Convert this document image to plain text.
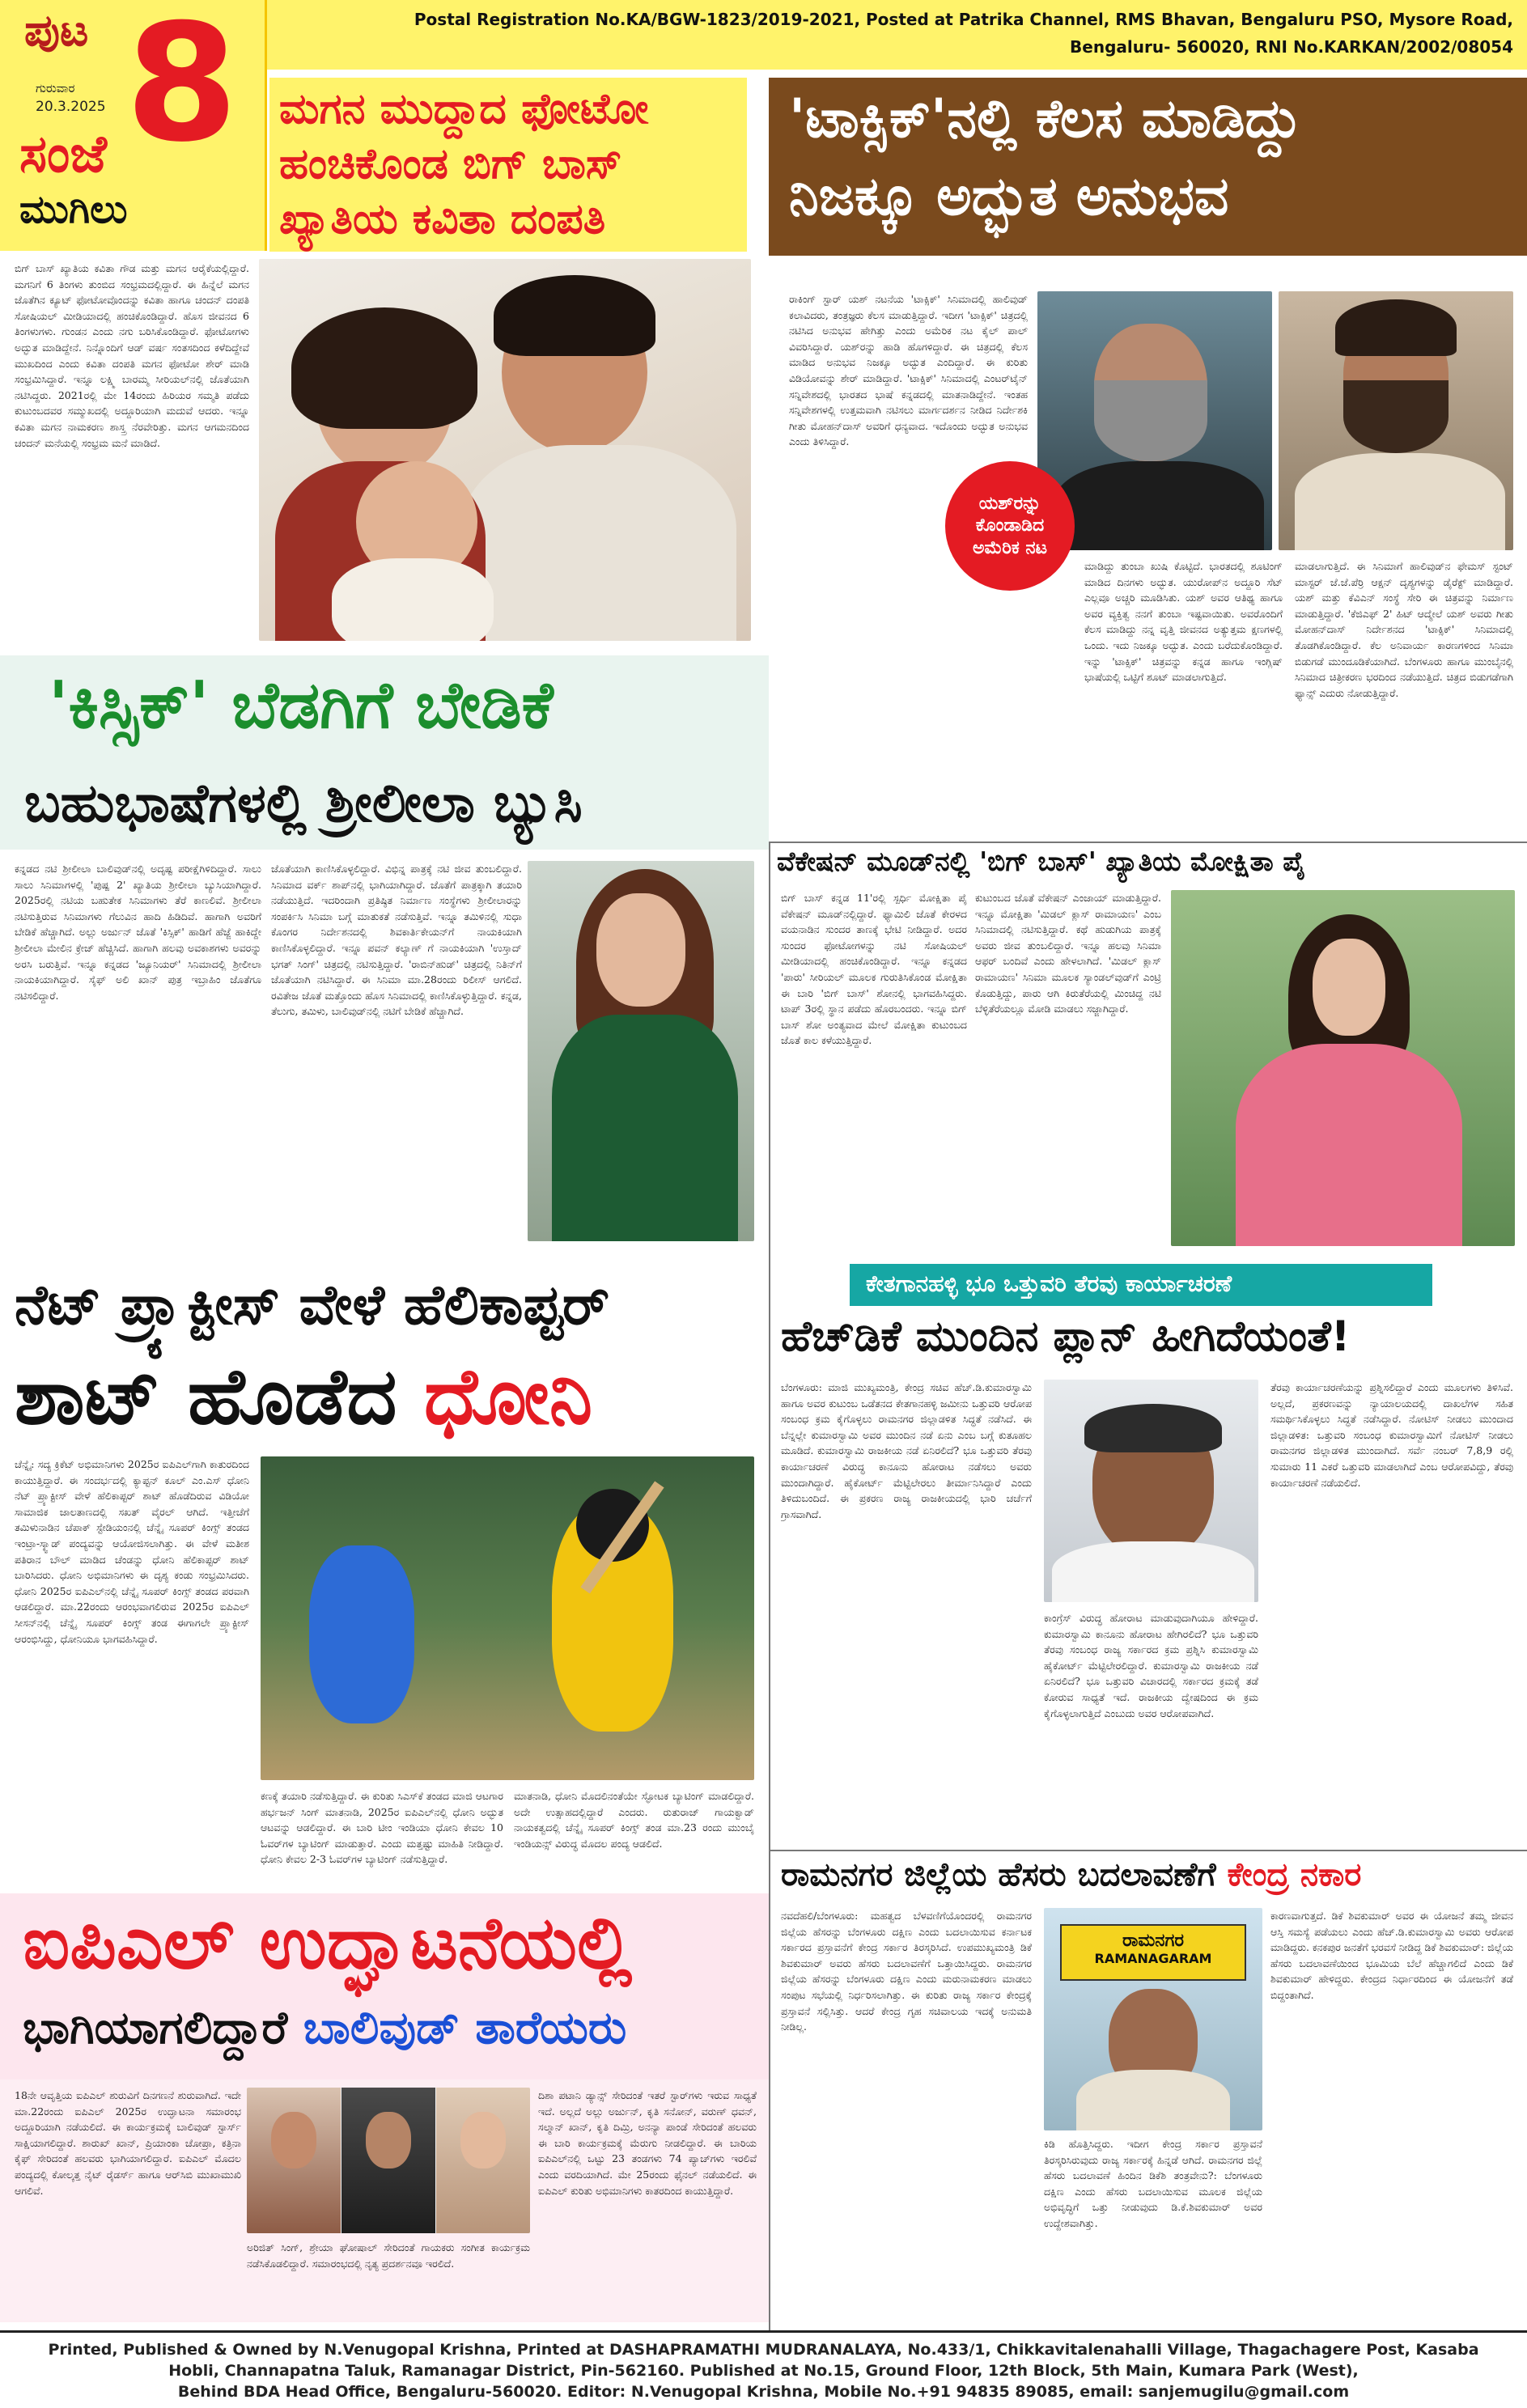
ಪುಟ 8
ಗುರುವಾರ
20.3.2025
ಸಂಜೆ
ಮುಗಿಲು
Postal Registration No.KA/BGW-1823/2019-2021, Posted at Patrika Channel, RMS Bhavan, Bengaluru PSO, Mysore Road,
Bengaluru- 560020, RNI No.KARKAN/2002/08054
ಮಗನ ಮುದ್ದಾದ ಫೋಟೋ
ಹಂಚಿಕೊಂಡ ಬಿಗ್ ಬಾಸ್
ಖ್ಯಾತಿಯ ಕವಿತಾ ದಂಪತಿ
ಬಿಗ್ ಬಾಸ್ ಖ್ಯಾತಿಯ ಕವಿತಾ ಗೌಡ ಮತ್ತು ಮಗನ ಆರೈಕೆಯಲ್ಲಿದ್ದಾರೆ. ಮಗನಿಗೆ 6 ತಿಂಗಳು ತುಂಬಿದ ಸಂಭ್ರಮದಲ್ಲಿದ್ದಾರೆ. ಈ ಹಿನ್ನೆಲೆ ಮಗನ ಜೊತೆಗಿನ ಕ್ಯೂಟ್ ಫೋಟೋವೊಂದನ್ನು ಕವಿತಾ ಹಾಗೂ ಚಂದನ್ ದಂಪತಿ ಸೋಷಿಯಲ್ ಮೀಡಿಯಾದಲ್ಲಿ ಹಂಚಿಕೊಂಡಿದ್ದಾರೆ. ಹೊಸ ಜೀವನದ 6 ತಿಂಗಳುಗಳು. ಗುಂಡನ ಎಂದು ನಗು ಬರಿಸಿಕೊಂಡಿದ್ದಾರೆ. ಫೋಟೋಗಳು ಅದ್ಭುತ ಮಾಡಿದ್ದೇನೆ. ನಿನ್ನೊಂದಿಗೆ ಆಡ್ ವರ್ಷ ಸಂತಸದಿಂದ ಕಳೆದಿದ್ದೇವೆ ಮುಖದಿಂದ ಎಂದು ಕವಿತಾ ದಂಪತಿ ಮಗನ ಫೋಟೋ ಶೇರ್ ಮಾಡಿ ಸಂಭ್ರಮಿಸಿದ್ದಾರೆ. ಇನ್ನೂ ಲಕ್ಷ್ಮಿ ಬಾರಮ್ಮ ಸೀರಿಯಲ್‌ನಲ್ಲಿ ಜೊತೆಯಾಗಿ ನಟಿಸಿದ್ದರು. 2021ರಲ್ಲಿ ಮೇ 14ರಂದು ಹಿರಿಯರ ಸಮ್ಮತಿ ಪಡೆದು ಕುಟುಂಬದವರ ಸಮ್ಮುಖದಲ್ಲಿ ಅದ್ದೂರಿಯಾಗಿ ಮದುವೆ ಆದರು. ಇನ್ನೂ ಕವಿತಾ ಮಗನ ನಾಮಕರಣ ಶಾಸ್ತ್ರ ನೆರವೇರಿತ್ತು. ಮಗನ ಆಗಮನದಿಂದ ಚಂದನ್ ಮನೆಯಲ್ಲಿ ಸಂಭ್ರಮ ಮನೆ ಮಾಡಿದೆ.
'ಟಾಕ್ಸಿಕ್'ನಲ್ಲಿ ಕೆಲಸ ಮಾಡಿದ್ದು
ನಿಜಕ್ಕೂ ಅದ್ಭುತ ಅನುಭವ
ರಾಕಿಂಗ್ ಸ್ಟಾರ್ ಯಶ್ ನಟನೆಯ 'ಟಾಕ್ಸಿಕ್' ಸಿನಿಮಾದಲ್ಲಿ ಹಾಲಿವುಡ್ ಕಲಾವಿದರು, ತಂತ್ರಜ್ಞರು ಕೆಲಸ ಮಾಡುತ್ತಿದ್ದಾರೆ. ಇದೀಗ 'ಟಾಕ್ಸಿಕ್' ಚಿತ್ರದಲ್ಲಿ ನಟಿಸಿದ ಅನುಭವ ಹೇಗಿತ್ತು ಎಂದು ಅಮೆರಿಕ ನಟ ಕೈಲ್ ಪಾಲ್ ವಿವರಿಸಿದ್ದಾರೆ. ಯಶ್‌ರನ್ನು ಹಾಡಿ ಹೊಗಳಿದ್ದಾರೆ. ಈ ಚಿತ್ರದಲ್ಲಿ ಕೆಲಸ ಮಾಡಿದ ಅನುಭವ ನಿಜಕ್ಕೂ ಅದ್ಭುತ ಎಂದಿದ್ದಾರೆ. ಈ ಕುರಿತು ವಿಡಿಯೋವನ್ನು ಶೇರ್ ಮಾಡಿದ್ದಾರೆ. 'ಟಾಕ್ಸಿಕ್' ಸಿನಿಮಾದಲ್ಲಿ ಎಂಟರ್‌ಟೈನ್ ಸನ್ನಿವೇಶದಲ್ಲಿ ಭಾರತದ ಭಾಷೆ ಕನ್ನಡದಲ್ಲಿ ಮಾತನಾಡಿದ್ದೇನೆ. ಇಂತಹ ಸನ್ನಿವೇಶಗಳಲ್ಲಿ ಉತ್ತಮವಾಗಿ ನಟಿಸಲು ಮಾರ್ಗದರ್ಶನ ನೀಡಿದ ನಿರ್ದೇಶಕಿ ಗೀತು ಮೋಹನ್‌ದಾಸ್ ಅವರಿಗೆ ಧನ್ಯವಾದ. ಇದೊಂದು ಅದ್ಭುತ ಅನುಭವ ಎಂದು ತಿಳಿಸಿದ್ದಾರೆ.
ಯಶ್‌ರನ್ನು ಕೊಂಡಾಡಿದ ಅಮೆರಿಕ ನಟ
ಮಾಡಿದ್ದು ತುಂಬಾ ಖುಷಿ ಕೊಟ್ಟಿದೆ. ಭಾರತದಲ್ಲಿ ಶೂಟಿಂಗ್ ಮಾಡಿದ ದಿನಗಳು ಅದ್ಭುತ. ಯುರೋಪ್‌ನ ಅದ್ದೂರಿ ಸೆಟ್ ಎಲ್ಲವೂ ಅಚ್ಚರಿ ಮೂಡಿಸಿತು. ಯಶ್ ಅವರ ಆತಿಥ್ಯ ಹಾಗೂ ಅವರ ವ್ಯಕ್ತಿತ್ವ ನನಗೆ ತುಂಬಾ ಇಷ್ಟವಾಯಿತು. ಅವರೊಂದಿಗೆ ಕೆಲಸ ಮಾಡಿದ್ದು ನನ್ನ ವೃತ್ತಿ ಜೀವನದ ಅತ್ಯುತ್ತಮ ಕ್ಷಣಗಳಲ್ಲಿ ಒಂದು. ಇದು ನಿಜಕ್ಕೂ ಅದ್ಭುತ. ಎಂದು ಬರೆದುಕೊಂಡಿದ್ದಾರೆ. ಇನ್ನು 'ಟಾಕ್ಸಿಕ್' ಚಿತ್ರವನ್ನು ಕನ್ನಡ ಹಾಗೂ ಇಂಗ್ಲಿಷ್ ಭಾಷೆಯಲ್ಲಿ ಒಟ್ಟಿಗೆ ಶೂಟ್ ಮಾಡಲಾಗುತ್ತಿದೆ.
ಮಾಡಲಾಗುತ್ತಿದೆ. ಈ ಸಿನಿಮಾಗೆ ಹಾಲಿವುಡ್‌ನ ಫೇಮಸ್ ಸ್ಟಂಟ್ ಮಾಸ್ಟರ್ ಜೆ.ಜೆ.ಪೆರ್ರಿ ಆಕ್ಷನ್ ದೃಶ್ಯಗಳನ್ನು ಡೈರೆಕ್ಟ್ ಮಾಡಿದ್ದಾರೆ. ಯಶ್ ಮತ್ತು ಕೆವಿಎನ್ ಸಂಸ್ಥೆ ಸೇರಿ ಈ ಚಿತ್ರವನ್ನು ನಿರ್ಮಾಣ ಮಾಡುತ್ತಿದ್ದಾರೆ. 'ಕೆಜಿಎಫ್ 2' ಹಿಟ್ ಆದ್ಮೇಲೆ ಯಶ್ ಅವರು ಗೀತು ಮೋಹನ್‌ದಾಸ್ ನಿರ್ದೇಶನದ 'ಟಾಕ್ಸಿಕ್' ಸಿನಿಮಾದಲ್ಲಿ ತೊಡಗಿಕೊಂಡಿದ್ದಾರೆ. ಕೆಲ ಅನಿವಾರ್ಯ ಕಾರಣಗಳಿಂದ ಸಿನಿಮಾ ಬಿಡುಗಡೆ ಮುಂದೂಡಿಕೆಯಾಗಿದೆ. ಬೆಂಗಳೂರು ಹಾಗೂ ಮುಂಬೈನಲ್ಲಿ ಸಿನಿಮಾದ ಚಿತ್ರೀಕರಣ ಭರದಿಂದ ನಡೆಯುತ್ತಿದೆ. ಚಿತ್ರದ ಬಿಡುಗಡೆಗಾಗಿ ಫ್ಯಾನ್ಸ್ ಎದುರು ನೋಡುತ್ತಿದ್ದಾರೆ.
'ಕಿಸ್ಸಿಕ್' ಬೆಡಗಿಗೆ ಬೇಡಿಕೆ
ಬಹುಭಾಷೆಗಳಲ್ಲಿ ಶ್ರೀಲೀಲಾ ಬ್ಯುಸಿ
ಕನ್ನಡದ ನಟಿ ಶ್ರೀಲೀಲಾ ಬಾಲಿವುಡ್‌ನಲ್ಲಿ ಅದೃಷ್ಟ ಪರೀಕ್ಷೆಗಿಳಿದಿದ್ದಾರೆ. ಸಾಲು ಸಾಲು ಸಿನಿಮಾಗಳಲ್ಲಿ 'ಪುಷ್ಪ 2' ಖ್ಯಾತಿಯ ಶ್ರೀಲೀಲಾ ಬ್ಯುಸಿಯಾಗಿದ್ದಾರೆ. 2025ರಲ್ಲಿ ನಟಿಯ ಬಹುತೇಕ ಸಿನಿಮಾಗಳು ತೆರೆ ಕಾಣಲಿವೆ. ಶ್ರೀಲೀಲಾ ನಟಿಸುತ್ತಿರುವ ಸಿನಿಮಾಗಳು ಗೆಲುವಿನ ಹಾದಿ ಹಿಡಿದಿವೆ. ಹಾಗಾಗಿ ಅವರಿಗೆ ಬೇಡಿಕೆ ಹೆಚ್ಚಾಗಿದೆ. ಅಲ್ಲು ಅರ್ಜುನ್ ಜೊತೆ 'ಕಿಸ್ಸಿಕ್' ಹಾಡಿಗೆ ಹೆಜ್ಜೆ ಹಾಕಿದ್ದೇ ಶ್ರೀಲೀಲಾ ಮೇಲಿನ ಕ್ರೇಜ್ ಹೆಚ್ಚಿಸಿದೆ. ಹಾಗಾಗಿ ಹಲವು ಅವಕಾಶಗಳು ಅವರನ್ನು ಅರಸಿ ಬರುತ್ತಿವೆ. ಇನ್ನೂ ಕನ್ನಡದ 'ಜ್ಯೂನಿಯರ್' ಸಿನಿಮಾದಲ್ಲಿ ಶ್ರೀಲೀಲಾ ನಾಯಕಿಯಾಗಿದ್ದಾರೆ. ಸೈಫ್ ಅಲಿ ಖಾನ್ ಪುತ್ರ ಇಬ್ರಾಹಿಂ ಜೊತೆಗೂ ನಟಿಸಲಿದ್ದಾರೆ.
ಜೊತೆಯಾಗಿ ಕಾಣಿಸಿಕೊಳ್ಳಲಿದ್ದಾರೆ. ವಿಭಿನ್ನ ಪಾತ್ರಕ್ಕೆ ನಟಿ ಜೀವ ತುಂಬಲಿದ್ದಾರೆ. ಸಿನಿಮಾದ ವರ್ಕ್ ಶಾಪ್‌ನಲ್ಲಿ ಭಾಗಿಯಾಗಿದ್ದಾರೆ. ಜೊತೆಗೆ ಪಾತ್ರಕ್ಕಾಗಿ ತಯಾರಿ ನಡೆಯುತ್ತಿದೆ. ಇದರಿಂದಾಗಿ ಪ್ರತಿಷ್ಠಿತ ನಿರ್ಮಾಣ ಸಂಸ್ಥೆಗಳು ಶ್ರೀಲೀಲಾರನ್ನು ಸಂಪರ್ಕಿಸಿ ಸಿನಿಮಾ ಬಗ್ಗೆ ಮಾತುಕತೆ ನಡೆಸುತ್ತಿವೆ. ಇನ್ನೂ ತಮಿಳಿನಲ್ಲಿ ಸುಧಾ ಕೊಂಗರ ನಿರ್ದೇಶನದಲ್ಲಿ ಶಿವಕಾರ್ತಿಕೇಯನ್‌ಗೆ ನಾಯಕಿಯಾಗಿ ಕಾಣಿಸಿಕೊಳ್ಳಲಿದ್ದಾರೆ. ಇನ್ನೂ ಪವನ್ ಕಲ್ಯಾಣ್ ಗೆ ನಾಯಕಿಯಾಗಿ 'ಉಸ್ತಾದ್ ಭಗತ್ ಸಿಂಗ್' ಚಿತ್ರದಲ್ಲಿ ನಟಿಸುತ್ತಿದ್ದಾರೆ. 'ರಾಬಿನ್‌ಹುಡ್' ಚಿತ್ರದಲ್ಲಿ ನಿತಿನ್‌ಗೆ ಜೊತೆಯಾಗಿ ನಟಿಸಿದ್ದಾರೆ. ಈ ಸಿನಿಮಾ ಮಾ.28ರಂದು ರಿಲೀಸ್ ಆಗಲಿದೆ. ರವಿತೇಜ ಜೊತೆ ಮತ್ತೊಂದು ಹೊಸ ಸಿನಿಮಾದಲ್ಲಿ ಕಾಣಿಸಿಕೊಳ್ಳುತ್ತಿದ್ದಾರೆ. ಕನ್ನಡ, ತೆಲುಗು, ತಮಿಳು, ಬಾಲಿವುಡ್‌ನಲ್ಲಿ ನಟಿಗೆ ಬೇಡಿಕೆ ಹೆಚ್ಚಾಗಿದೆ.
ವೆಕೇಷನ್ ಮೂಡ್‌ನಲ್ಲಿ 'ಬಿಗ್ ಬಾಸ್' ಖ್ಯಾತಿಯ ಮೋಕ್ಷಿತಾ ಪೈ
ಬಿಗ್ ಬಾಸ್ ಕನ್ನಡ 11'ರಲ್ಲಿ ಸ್ಪರ್ಧಿ ಮೋಕ್ಷಿತಾ ಪೈ ವೆಕೇಷನ್ ಮೂಡ್‌ನಲ್ಲಿದ್ದಾರೆ. ಫ್ಯಾಮಿಲಿ ಜೊತೆ ಕೇರಳದ ವಯನಾಡಿನ ಸುಂದರ ತಾಣಕ್ಕೆ ಭೇಟಿ ನೀಡಿದ್ದಾರೆ. ಅದರ ಸುಂದರ ಫೋಟೋಗಳನ್ನು ನಟಿ ಸೋಷಿಯಲ್ ಮೀಡಿಯಾದಲ್ಲಿ ಹಂಚಿಕೊಂಡಿದ್ದಾರೆ. ಇನ್ನೂ ಕನ್ನಡದ 'ಪಾರು' ಸೀರಿಯಲ್ ಮೂಲಕ ಗುರುತಿಸಿಕೊಂಡ ಮೋಕ್ಷಿತಾ ಈ ಬಾರಿ 'ಬಿಗ್ ಬಾಸ್' ಶೋನಲ್ಲಿ ಭಾಗವಹಿಸಿದ್ದರು. ಟಾಪ್ 3ರಲ್ಲಿ ಸ್ಥಾನ ಪಡೆದು ಹೊರಬಂದರು. ಇನ್ನೂ ಬಿಗ್ ಬಾಸ್ ಶೋ ಅಂತ್ಯವಾದ ಮೇಲೆ ಮೋಕ್ಷಿತಾ ಕುಟುಂಬದ ಜೊತೆ ಕಾಲ ಕಳೆಯುತ್ತಿದ್ದಾರೆ.
ಕುಟುಂಬದ ಜೊತೆ ವೆಕೇಷನ್ ಎಂಜಾಯ್ ಮಾಡುತ್ತಿದ್ದಾರೆ. ಇನ್ನೂ ಮೋಕ್ಷಿತಾ 'ಮಿಡಲ್ ಕ್ಲಾಸ್ ರಾಮಾಯಣ' ಎಂಬ ಸಿನಿಮಾದಲ್ಲಿ ನಟಿಸುತ್ತಿದ್ದಾರೆ. ಕಥೆ ಹುಡುಗಿಯ ಪಾತ್ರಕ್ಕೆ ಅವರು ಜೀವ ತುಂಬಲಿದ್ದಾರೆ. ಇನ್ನೂ ಹಲವು ಸಿನಿಮಾ ಆಫರ್ ಬಂದಿವೆ ಎಂದು ಹೇಳಲಾಗಿದೆ. 'ಮಿಡಲ್ ಕ್ಲಾಸ್ ರಾಮಾಯಣ' ಸಿನಿಮಾ ಮೂಲಕ ಸ್ಯಾಂಡಲ್‌ವುಡ್‌ಗೆ ಎಂಟ್ರಿ ಕೊಡುತ್ತಿದ್ದು, ಪಾರು ಆಗಿ ಕಿರುತೆರೆಯಲ್ಲಿ ಮಿಂಚಿದ್ದ ನಟಿ ಬೆಳ್ಳಿತೆರೆಯಲ್ಲೂ ಮೋಡಿ ಮಾಡಲು ಸಜ್ಜಾಗಿದ್ದಾರೆ.
ನೆಟ್ ಪ್ರ್ಯಾಕ್ಟೀಸ್ ವೇಳೆ ಹೆಲಿಕಾಪ್ಟರ್
ಶಾಟ್ ಹೊಡೆದ ಧೋನಿ
ಚೆನ್ನೈ: ಸದ್ಯ ಕ್ರಿಕೆಟ್ ಅಭಿಮಾನಿಗಳು 2025ರ ಐಪಿಎಲ್‌ಗಾಗಿ ಕಾತುರದಿಂದ ಕಾಯುತ್ತಿದ್ದಾರೆ. ಈ ಸಂದರ್ಭದಲ್ಲಿ ಕ್ಯಾಪ್ಟನ್ ಕೂಲ್ ಎಂ.ಎಸ್ ಧೋನಿ ನೆಟ್ ಪ್ರ್ಯಾಕ್ಟೀಸ್ ವೇಳೆ ಹೆಲಿಕಾಪ್ಟರ್ ಶಾಟ್ ಹೊಡೆದಿರುವ ವಿಡಿಯೋ ಸಾಮಾಜಿಕ ಜಾಲತಾಣದಲ್ಲಿ ಸಖತ್ ವೈರಲ್ ಆಗಿದೆ. ಇತ್ತೀಚೆಗೆ ತಮಿಳುನಾಡಿನ ಚೆಪಾಕ್ ಸ್ಟೇಡಿಯಂನಲ್ಲಿ ಚೆನ್ನೈ ಸೂಪರ್ ಕಿಂಗ್ಸ್ ತಂಡದ ಇಂಟ್ರಾ-ಸ್ಕ್ವಾಡ್ ಪಂದ್ಯವನ್ನು ಆಯೋಜಿಸಲಾಗಿತ್ತು. ಈ ವೇಳೆ ಮತೀಶ ಪತಿರಾನ ಬೌಲ್ ಮಾಡಿದ ಚೆಂಡನ್ನು ಧೋನಿ ಹೆಲಿಕಾಪ್ಟರ್ ಶಾಟ್ ಬಾರಿಸಿದರು. ಧೋನಿ ಅಭಿಮಾನಿಗಳು ಈ ದೃಶ್ಯ ಕಂಡು ಸಂಭ್ರಮಿಸಿದರು. ಧೋನಿ 2025ರ ಐಪಿಎಲ್‌ನಲ್ಲಿ ಚೆನ್ನೈ ಸೂಪರ್ ಕಿಂಗ್ಸ್ ತಂಡದ ಪರವಾಗಿ ಆಡಲಿದ್ದಾರೆ. ಮಾ.22ರಂದು ಆರಂಭವಾಗಲಿರುವ 2025ರ ಐಪಿಎಲ್ ಸೀಸನ್‌ನಲ್ಲಿ ಚೆನ್ನೈ ಸೂಪರ್ ಕಿಂಗ್ಸ್ ತಂಡ ಈಗಾಗಲೇ ಪ್ರ್ಯಾಕ್ಟೀಸ್ ಆರಂಭಿಸಿದ್ದು, ಧೋನಿಯೂ ಭಾಗವಹಿಸಿದ್ದಾರೆ.
ಕಣಕ್ಕೆ ತಯಾರಿ ನಡೆಸುತ್ತಿದ್ದಾರೆ. ಈ ಕುರಿತು ಸಿಎಸ್‌ಕೆ ತಂಡದ ಮಾಜಿ ಆಟಗಾರ ಹರ್ಭಜನ್ ಸಿಂಗ್ ಮಾತನಾಡಿ, 2025ರ ಐಪಿಎಲ್‌ನಲ್ಲಿ ಧೋನಿ ಅದ್ಭುತ ಆಟವನ್ನು ಆಡಲಿದ್ದಾರೆ. ಈ ಬಾರಿ ಟೀಂ ಇಂಡಿಯಾ ಧೋನಿ ಕೇವಲ 10 ಓವರ್‌ಗಳ ಬ್ಯಾಟಿಂಗ್ ಮಾಡುತ್ತಾರೆ. ಎಂದು ಮತ್ತಷ್ಟು ಮಾಹಿತಿ ನೀಡಿದ್ದಾರೆ. ಧೋನಿ ಕೇವಲ 2-3 ಓವರ್‌ಗಳ ಬ್ಯಾಟಿಂಗ್ ನಡೆಸುತ್ತಿದ್ದಾರೆ.
ಮಾತನಾಡಿ, ಧೋನಿ ಮೊದಲಿನಂತೆಯೇ ಸ್ಫೋಟಕ ಬ್ಯಾಟಿಂಗ್ ಮಾಡಲಿದ್ದಾರೆ. ಅದೇ ಉತ್ಸಾಹದಲ್ಲಿದ್ದಾರೆ ಎಂದರು. ರುತುರಾಜ್ ಗಾಯಕ್ವಾಡ್ ನಾಯಕತ್ವದಲ್ಲಿ ಚೆನ್ನೈ ಸೂಪರ್ ಕಿಂಗ್ಸ್ ತಂಡ ಮಾ.23 ರಂದು ಮುಂಬೈ ಇಂಡಿಯನ್ಸ್ ವಿರುದ್ಧ ಮೊದಲ ಪಂದ್ಯ ಆಡಲಿದೆ.
ಕೇತಗಾನಹಳ್ಳಿ ಭೂ ಒತ್ತುವರಿ ತೆರವು ಕಾರ್ಯಾಚರಣೆ
ಹೆಚ್‌ಡಿಕೆ ಮುಂದಿನ ಪ್ಲಾನ್ ಹೀಗಿದೆಯಂತೆ!
ಬೆಂಗಳೂರು: ಮಾಜಿ ಮುಖ್ಯಮಂತ್ರಿ, ಕೇಂದ್ರ ಸಚಿವ ಹೆಚ್.ಡಿ.ಕುಮಾರಸ್ವಾಮಿ ಹಾಗೂ ಅವರ ಕುಟುಂಬ ಒಡೆತನದ ಕೇತಗಾನಹಳ್ಳಿ ಜಮೀನು ಒತ್ತುವರಿ ಆರೋಪ ಸಂಬಂಧ ಕ್ರಮ ಕೈಗೊಳ್ಳಲು ರಾಮನಗರ ಜಿಲ್ಲಾಡಳಿತ ಸಿದ್ಧತೆ ನಡೆಸಿದೆ. ಈ ಬೆನ್ನಲ್ಲೇ ಕುಮಾರಸ್ವಾಮಿ ಅವರ ಮುಂದಿನ ನಡೆ ಏನು ಎಂಬ ಬಗ್ಗೆ ಕುತೂಹಲ ಮೂಡಿದೆ. ಕುಮಾರಸ್ವಾಮಿ ರಾಜಕೀಯ ನಡೆ ಏನಿರಲಿದೆ? ಭೂ ಒತ್ತುವರಿ ತೆರವು ಕಾರ್ಯಾಚರಣೆ ವಿರುದ್ಧ ಕಾನೂನು ಹೋರಾಟ ನಡೆಸಲು ಅವರು ಮುಂದಾಗಿದ್ದಾರೆ. ಹೈಕೋರ್ಟ್ ಮೆಟ್ಟಿಲೇರಲು ತೀರ್ಮಾನಿಸಿದ್ದಾರೆ ಎಂದು ತಿಳಿದುಬಂದಿದೆ. ಈ ಪ್ರಕರಣ ರಾಜ್ಯ ರಾಜಕೀಯದಲ್ಲಿ ಭಾರಿ ಚರ್ಚೆಗೆ ಗ್ರಾಸವಾಗಿದೆ.
ಕಾಂಗ್ರೆಸ್ ವಿರುದ್ಧ ಹೋರಾಟ ಮಾಡುವುದಾಗಿಯೂ ಹೇಳಿದ್ದಾರೆ. ಕುಮಾರಸ್ವಾಮಿ ಕಾನೂನು ಹೋರಾಟ ಹೇಗಿರಲಿದೆ? ಭೂ ಒತ್ತುವರಿ ತೆರವು ಸಂಬಂಧ ರಾಜ್ಯ ಸರ್ಕಾರದ ಕ್ರಮ ಪ್ರಶ್ನಿಸಿ ಕುಮಾರಸ್ವಾಮಿ ಹೈಕೋರ್ಟ್ ಮೆಟ್ಟಿಲೇರಲಿದ್ದಾರೆ. ಕುಮಾರಸ್ವಾಮಿ ರಾಜಕೀಯ ನಡೆ ಏನಿರಲಿದೆ? ಭೂ ಒತ್ತುವರಿ ವಿಚಾರದಲ್ಲಿ ಸರ್ಕಾರದ ಕ್ರಮಕ್ಕೆ ತಡೆ ಕೋರುವ ಸಾಧ್ಯತೆ ಇದೆ. ರಾಜಕೀಯ ದ್ವೇಷದಿಂದ ಈ ಕ್ರಮ ಕೈಗೊಳ್ಳಲಾಗುತ್ತಿದೆ ಎಂಬುದು ಅವರ ಆರೋಪವಾಗಿದೆ.
ತೆರವು ಕಾರ್ಯಾಚರಣೆಯನ್ನು ಪ್ರಶ್ನಿಸಲಿದ್ದಾರೆ ಎಂದು ಮೂಲಗಳು ತಿಳಿಸಿವೆ. ಅಲ್ಲದೆ, ಪ್ರಕರಣವನ್ನು ನ್ಯಾಯಾಲಯದಲ್ಲಿ ದಾಖಲೆಗಳ ಸಹಿತ ಸಮರ್ಥಿಸಿಕೊಳ್ಳಲು ಸಿದ್ಧತೆ ನಡೆಸಿದ್ದಾರೆ. ನೋಟಿಸ್ ನೀಡಲು ಮುಂದಾದ ಜಿಲ್ಲಾಡಳಿತ: ಒತ್ತುವರಿ ಸಂಬಂಧ ಕುಮಾರಸ್ವಾಮಿಗೆ ನೋಟಿಸ್ ನೀಡಲು ರಾಮನಗರ ಜಿಲ್ಲಾಡಳಿತ ಮುಂದಾಗಿದೆ. ಸರ್ವೆ ನಂಬರ್ 7,8,9 ರಲ್ಲಿ ಸುಮಾರು 11 ಎಕರೆ ಒತ್ತುವರಿ ಮಾಡಲಾಗಿದೆ ಎಂಬ ಆರೋಪವಿದ್ದು, ತೆರವು ಕಾರ್ಯಾಚರಣೆ ನಡೆಯಲಿದೆ.
ಐಪಿಎಲ್ ಉದ್ಘಾಟನೆಯಲ್ಲಿ
ಭಾಗಿಯಾಗಲಿದ್ದಾರೆ ಬಾಲಿವುಡ್ ತಾರೆಯರು
18ನೇ ಆವೃತ್ತಿಯ ಐಪಿಎಲ್ ಶುರುವಿಗೆ ದಿನಗಣನೆ ಶುರುವಾಗಿದೆ. ಇದೇ ಮಾ.22ರಂದು ಐಪಿಎಲ್ 2025ರ ಉದ್ಘಾಟನಾ ಸಮಾರಂಭ ಅದ್ದೂರಿಯಾಗಿ ನಡೆಯಲಿದೆ. ಈ ಕಾರ್ಯಕ್ರಮಕ್ಕೆ ಬಾಲಿವುಡ್ ಸ್ಟಾರ್ಸ್ ಸಾಕ್ಷಿಯಾಗಲಿದ್ದಾರೆ. ಶಾರುಖ್ ಖಾನ್, ಪ್ರಿಯಾಂಕಾ ಚೋಪ್ರಾ, ಕತ್ರಿನಾ ಕೈಫ್ ಸೇರಿದಂತೆ ಹಲವರು ಭಾಗಿಯಾಗಲಿದ್ದಾರೆ. ಐಪಿಎಲ್ ಮೊದಲ ಪಂದ್ಯದಲ್ಲಿ ಕೋಲ್ಕತ್ತ ನೈಟ್ ರೈಡರ್ಸ್ ಹಾಗೂ ಆರ್‌ಸಿಬಿ ಮುಖಾಮುಖಿ ಆಗಲಿವೆ.
ಅರಿಜಿತ್ ಸಿಂಗ್, ಶ್ರೇಯಾ ಘೋಷಾಲ್ ಸೇರಿದಂತೆ ಗಾಯಕರು ಸಂಗೀತ ಕಾರ್ಯಕ್ರಮ ನಡೆಸಿಕೊಡಲಿದ್ದಾರೆ. ಸಮಾರಂಭದಲ್ಲಿ ನೃತ್ಯ ಪ್ರದರ್ಶನವೂ ಇರಲಿದೆ.
ದಿಶಾ ಪಟಾನಿ ಡ್ಯಾನ್ಸ್ ಸೇರಿದಂತೆ ಇತರೆ ಸ್ಟಾರ್‌ಗಳು ಇರುವ ಸಾಧ್ಯತೆ ಇದೆ. ಅಲ್ಲದೆ ಅಲ್ಲು ಅರ್ಜುನ್, ಕೃತಿ ಸನೋನ್, ವರುಣ್ ಧವನ್, ಸಲ್ಮಾನ್ ಖಾನ್, ಕೃತಿ ದಿಮ್ರಿ, ಅನನ್ಯಾ ಪಾಂಡೆ ಸೇರಿದಂತೆ ಹಲವರು ಈ ಬಾರಿ ಕಾರ್ಯಕ್ರಮಕ್ಕೆ ಮೆರುಗು ನೀಡಲಿದ್ದಾರೆ. ಈ ಬಾರಿಯ ಐಪಿಎಲ್‌ನಲ್ಲಿ ಒಟ್ಟು 23 ತಂಡಗಳು 74 ಪ್ಯಾಚ್‌ಗಳು ಇರಲಿವೆ ಎಂದು ವರದಿಯಾಗಿದೆ. ಮೇ 25ರಂದು ಫೈನಲ್ ನಡೆಯಲಿದೆ. ಈ ಐಪಿಎಲ್ ಕುರಿತು ಅಭಿಮಾನಿಗಳು ಕಾತರದಿಂದ ಕಾಯುತ್ತಿದ್ದಾರೆ.
ರಾಮನಗರ ಜಿಲ್ಲೆಯ ಹೆಸರು ಬದಲಾವಣೆಗೆ ಕೇಂದ್ರ ನಕಾರ
ನವದೆಹಲಿ/ಬೆಂಗಳೂರು: ಮಹತ್ವದ ಬೆಳವಣಿಗೆಯೊಂದರಲ್ಲಿ ರಾಮನಗರ ಜಿಲ್ಲೆಯ ಹೆಸರನ್ನು ಬೆಂಗಳೂರು ದಕ್ಷಿಣ ಎಂದು ಬದಲಾಯಿಸುವ ಕರ್ನಾಟಕ ಸರ್ಕಾರದ ಪ್ರಸ್ತಾವನೆಗೆ ಕೇಂದ್ರ ಸರ್ಕಾರ ತಿರಸ್ಕರಿಸಿದೆ. ಉಪಮುಖ್ಯಮಂತ್ರಿ ಡಿಕೆ ಶಿವಕುಮಾರ್ ಅವರು ಹೆಸರು ಬದಲಾವಣೆಗೆ ಒತ್ತಾಯಿಸಿದ್ದರು. ರಾಮನಗರ ಜಿಲ್ಲೆಯ ಹೆಸರನ್ನು ಬೆಂಗಳೂರು ದಕ್ಷಿಣ ಎಂದು ಮರುನಾಮಕರಣ ಮಾಡಲು ಸಂಪುಟ ಸಭೆಯಲ್ಲಿ ನಿರ್ಧರಿಸಲಾಗಿತ್ತು. ಈ ಕುರಿತು ರಾಜ್ಯ ಸರ್ಕಾರ ಕೇಂದ್ರಕ್ಕೆ ಪ್ರಸ್ತಾವನೆ ಸಲ್ಲಿಸಿತ್ತು. ಆದರೆ ಕೇಂದ್ರ ಗೃಹ ಸಚಿವಾಲಯ ಇದಕ್ಕೆ ಅನುಮತಿ ನೀಡಿಲ್ಲ.
ರಾಮನಗರ
RAMANAGARAM
ಕಿಡಿ ಹೊತ್ತಿಸಿದ್ದರು. ಇದೀಗ ಕೇಂದ್ರ ಸರ್ಕಾರ ಪ್ರಸ್ತಾವನೆ ತಿರಸ್ಕರಿಸಿರುವುದು ರಾಜ್ಯ ಸರ್ಕಾರಕ್ಕೆ ಹಿನ್ನಡೆ ಆಗಿದೆ. ರಾಮನಗರ ಜಿಲ್ಲೆ ಹೆಸರು ಬದಲಾವಣೆ ಹಿಂದಿನ ಡಿಕೆಶಿ ತಂತ್ರವೇನು?: ಬೆಂಗಳೂರು ದಕ್ಷಿಣ ಎಂದು ಹೆಸರು ಬದಲಾಯಿಸುವ ಮೂಲಕ ಜಿಲ್ಲೆಯ ಅಭಿವೃದ್ಧಿಗೆ ಒತ್ತು ನೀಡುವುದು ಡಿ.ಕೆ.ಶಿವಕುಮಾರ್ ಅವರ ಉದ್ದೇಶವಾಗಿತ್ತು.
ಕಾರಣವಾಗುತ್ತದೆ. ಡಿಕೆ ಶಿವಕುಮಾರ್ ಅವರ ಈ ಯೋಜನೆ ತಮ್ಮ ಜೀವನ ಆಸ್ತಿ ಸಮಸ್ಯೆ ಪಡೆಯಲು ಎಂದು ಹೆಚ್.ಡಿ.ಕುಮಾರಸ್ವಾಮಿ ಅವರು ಆರೋಪ ಮಾಡಿದ್ದರು. ಕನಕಪುರ ಜನತೆಗೆ ಭರವಸೆ ನೀಡಿದ್ದ ಡಿಕೆ ಶಿವಕುಮಾರ್: ಜಿಲ್ಲೆಯ ಹೆಸರು ಬದಲಾವಣೆಯಿಂದ ಭೂಮಿಯ ಬೆಲೆ ಹೆಚ್ಚಾಗಲಿದೆ ಎಂದು ಡಿಕೆ ಶಿವಕುಮಾರ್ ಹೇಳಿದ್ದರು. ಕೇಂದ್ರದ ನಿರ್ಧಾರದಿಂದ ಈ ಯೋಜನೆಗೆ ತಡೆ ಬಿದ್ದಂತಾಗಿದೆ.
Printed, Published & Owned by N.Venugopal Krishna, Printed at DASHAPRAMATHI MUDRANALAYA, No.433/1, Chikkavitalenahalli Village, Thagachagere Post, Kasaba
Hobli, Channapatna Taluk, Ramanagar District, Pin-562160. Published at No.15, Ground Floor, 12th Block, 5th Main, Kumara Park (West),
Behind BDA Head Office, Bengaluru-560020. Editor: N.Venugopal Krishna, Mobile No.+91 94835 89085, email: sanjemugilu@gmail.com
